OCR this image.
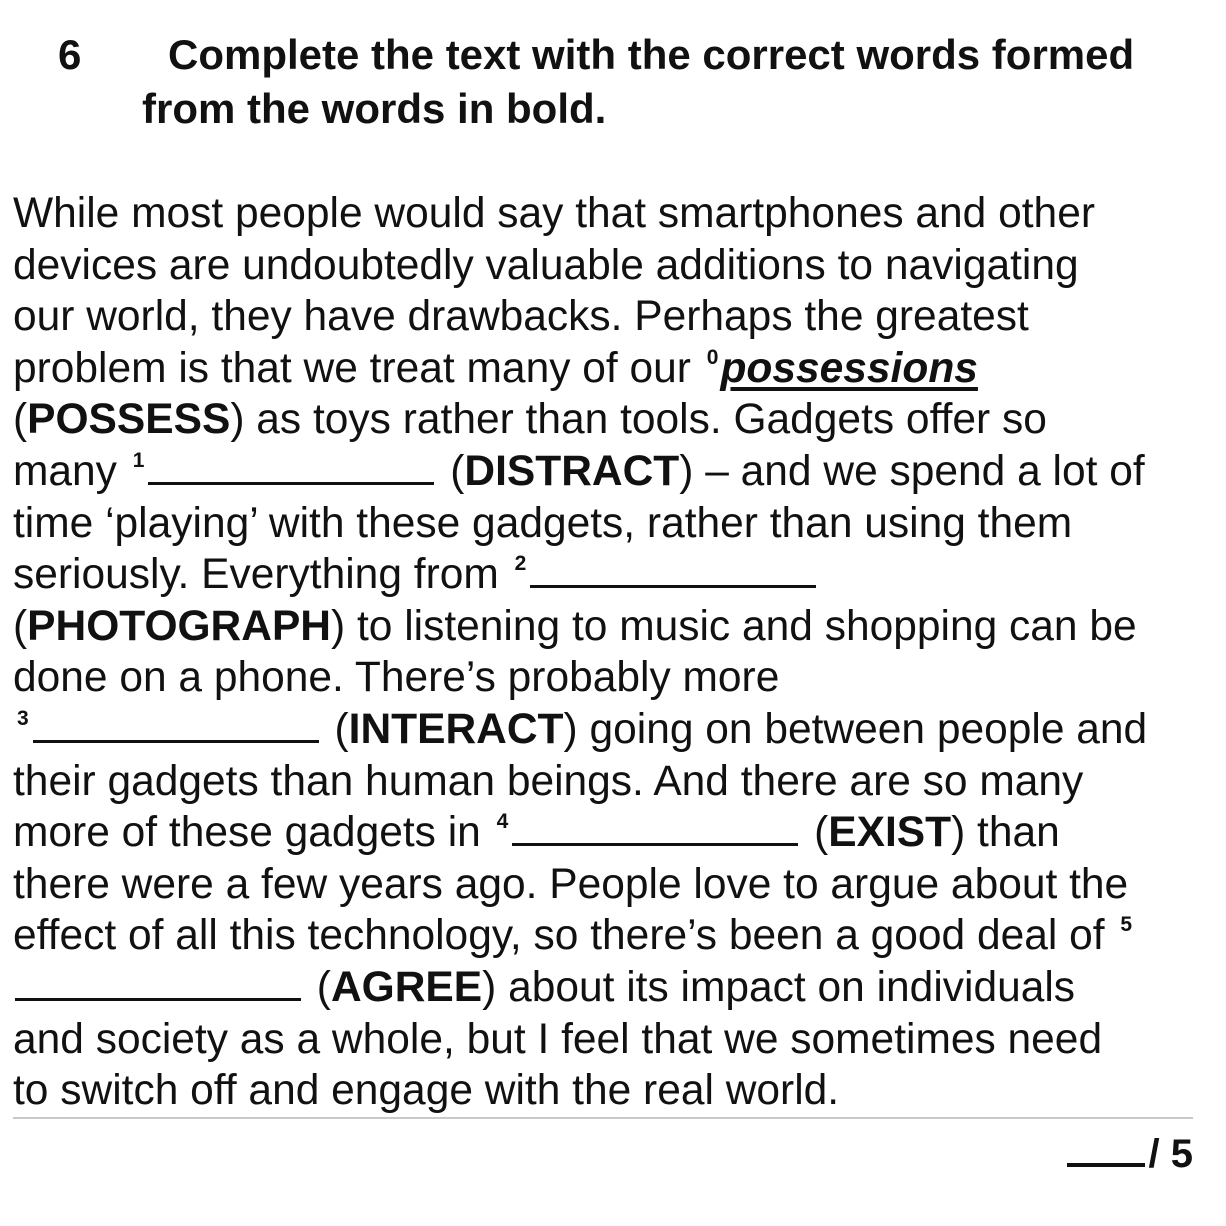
6	Complete the text with the correct words formed from the words in bold.
While most people would say that smartphones and other
devices are undoubtedly valuable additions to navigating
our world, they have drawbacks. Perhaps the greatest
problem is that we treat many of our $^0$possessions
(POSSESS) as toys rather than tools. Gadgets offer so
many $^1$	(DISTRACT) – and we spend a lot of
time ‘playing’ with these gadgets, rather than using them
seriously. Everything from $^2$
(PHOTOGRAPH) to listening to music and shopping can be
done on a phone. There’s probably more
$^3$	(INTERACT) going on between people and
their gadgets than human beings. And there are so many
more of these gadgets in $^4$	(EXIST) than
there were a few years ago. People love to argue about the
effect of all this technology, so there’s been a good deal of $^5$
(AGREE) about its impact on individuals
and society as a whole, but I feel that we sometimes need
to switch off and engage with the real world.
/ 5
